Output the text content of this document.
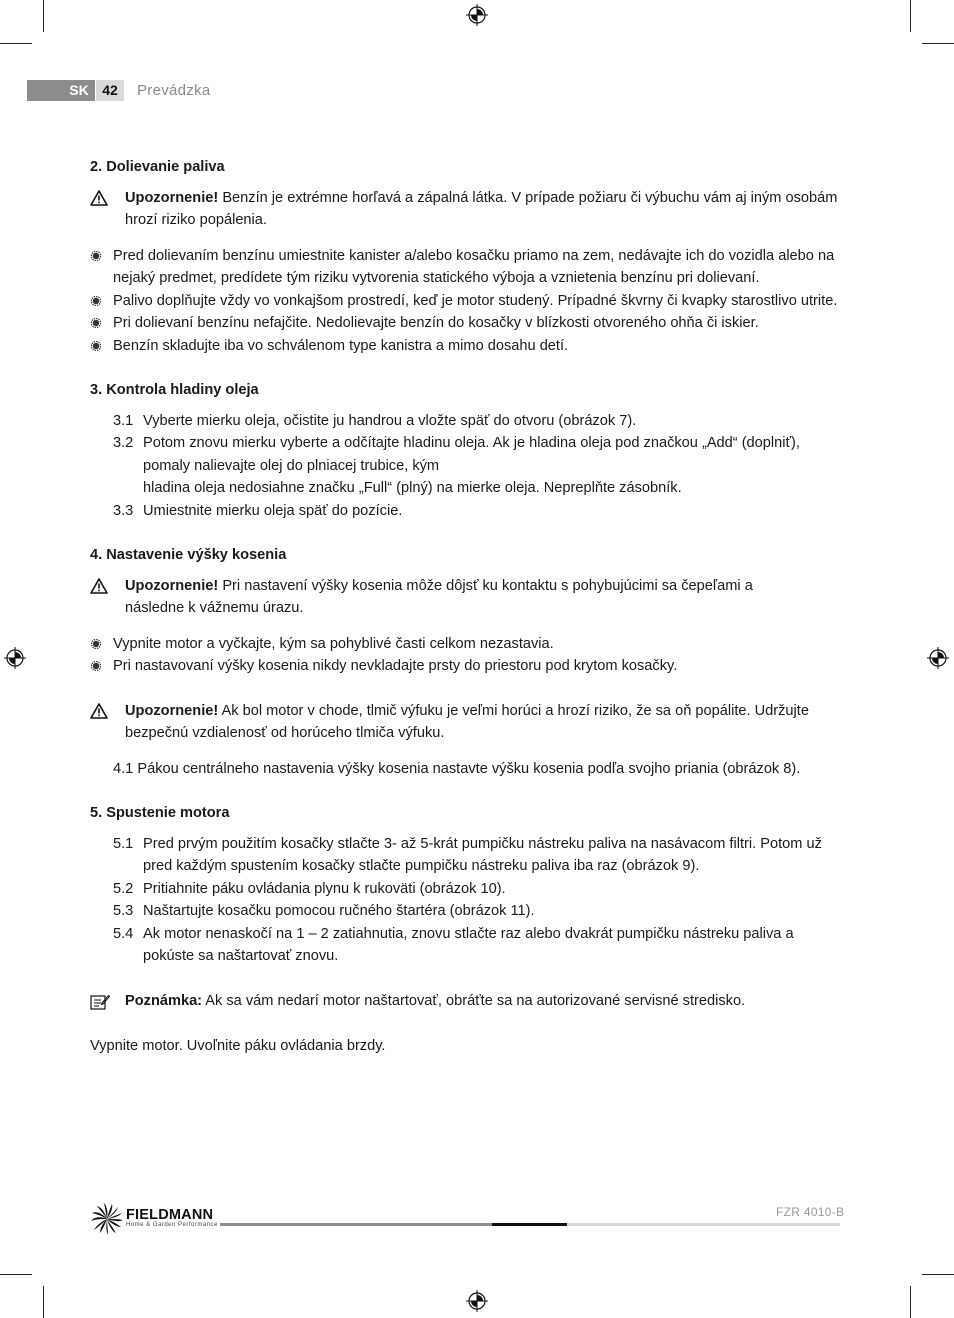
SK 42	Prevádzka

2. Dolievanie paliva

Upozornenie! Benzín je extrémne horľavá a zápalná látka. V prípade požiaru či výbuchu vám aj iným osobám hrozí riziko popálenia.
Pred dolievaním benzínu umiestnite kanister a/alebo kosačku priamo na zem, nedávajte ich do vozidla alebo na nejaký predmet, predídete tým riziku vytvorenia statického výboja a vznietenia benzínu pri dolievaní.
Palivo doplňujte vždy vo vonkajšom prostredí, keď je motor studený. Prípadné škvrny či kvapky starostlivo utrite.
Pri dolievaní benzínu nefajčite. Nedolievajte benzín do kosačky v blízkosti otvoreného ohňa či iskier.
Benzín skladujte iba vo schválenom type kanistra a mimo dosahu detí.

3. Kontrola hladiny oleja

3.1 Vyberte mierku oleja, očistite ju handrou a vložte späť do otvoru (obrázok 7).
3.2 Potom znovu mierku vyberte a odčítajte hladinu oleja. Ak je hladina oleja pod značkou „Add“ (doplniť), pomaly nalievajte olej do plniacej trubice, kým
hladina oleja nedosiahne značku „Full“ (plný) na mierke oleja. Nepreplňte zásobník.
3.3 Umiestnite mierku oleja späť do pozície.

4. Nastavenie výšky kosenia

Upozornenie! Pri nastavení výšky kosenia môže dôjsť ku kontaktu s pohybujúcimi sa čepeľami a následne k vážnemu úrazu.
Vypnite motor a vyčkajte, kým sa pohyblivé časti celkom nezastavia.
Pri nastavovaní výšky kosenia nikdy nevkladajte prsty do priestoru pod krytom kosačky.
Upozornenie! Ak bol motor v chode, tlmič výfuku je veľmi horúci a hrozí riziko, že sa oň popálite. Udržujte bezpečnú vzdialenosť od horúceho tlmiča výfuku.

4.1 Pákou centrálneho nastavenia výšky kosenia nastavte výšku kosenia podľa svojho priania (obrázok 8).

5. Spustenie motora

5.1 Pred prvým použitím kosačky stlačte 3- až 5-krát pumpičku nástreku paliva na nasávacom filtri. Potom už pred každým spustením kosačky stlačte pumpičku nástreku paliva iba raz (obrázok 9).
5.2 Pritiahnite páku ovládania plynu k rukoväti (obrázok 10).
5.3 Naštartujte kosačku pomocou ručného štartéra (obrázok 11).
5.4 Ak motor nenaskočí na 1 – 2 zatiahnutia, znovu stlačte raz alebo dvakrát pumpičku nástreku paliva a pokúste sa naštartovať znovu.
Poznámka: Ak sa vám nedarí motor naštartovať, obráťte sa na autorizované servisné stredisko.

Vypnite motor. Uvoľnite páku ovládania brzdy.

FIELDMANN
Home & Garden Performance
FZR 4010-B
